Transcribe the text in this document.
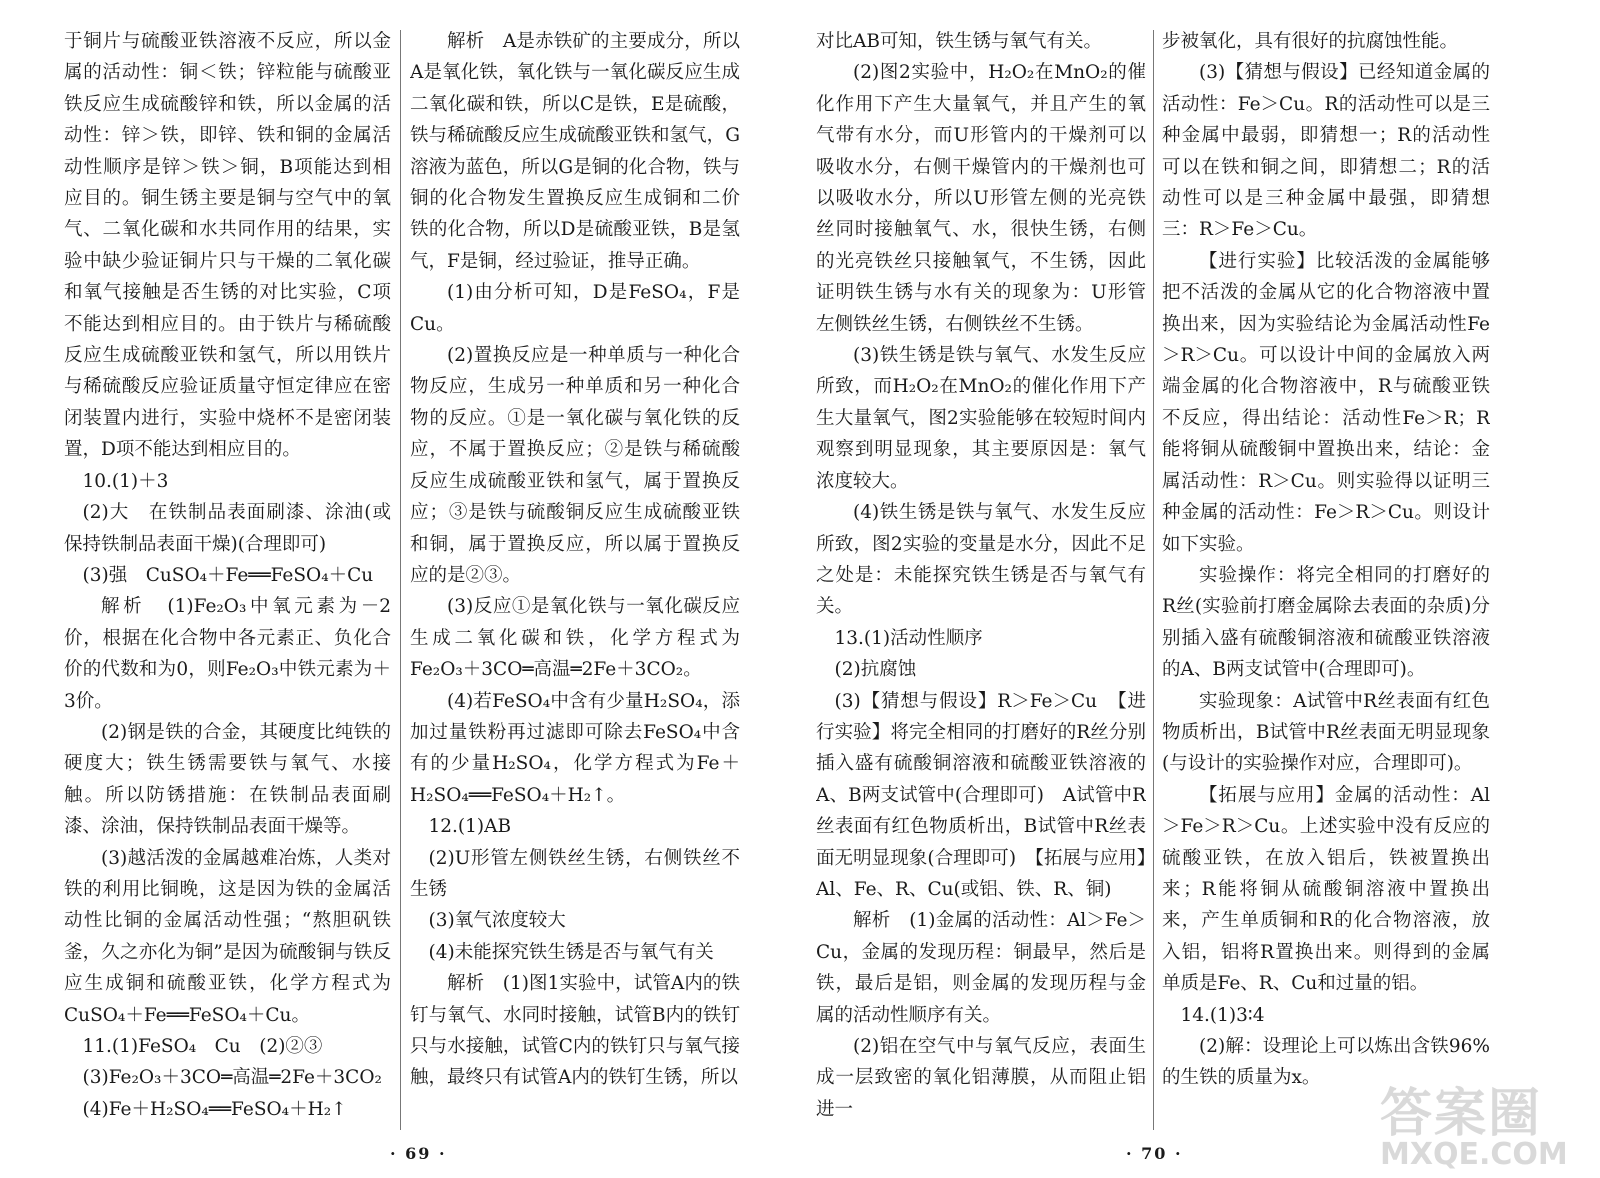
于铜片与硫酸亚铁溶液不反应，所以金属的活动性：铜＜铁；锌粒能与硫酸亚铁反应生成硫酸锌和铁，所以金属的活动性：锌＞铁，即锌、铁和铜的金属活动性顺序是锌＞铁＞铜，B项能达到相应目的。铜生锈主要是铜与空气中的氧气、二氧化碳和水共同作用的结果，实验中缺少验证铜片只与干燥的二氧化碳和氧气接触是否生锈的对比实验，C项不能达到相应目的。由于铁片与稀硫酸反应生成硫酸亚铁和氢气，所以用铁片与稀硫酸反应验证质量守恒定律应在密闭装置内进行，实验中烧杯不是密闭装置，D项不能达到相应目的。

10.(1)＋3

(2)大　在铁制品表面刷漆、涂油(或保持铁制品表面干燥)(合理即可)

(3)强　CuSO₄＋Fe══FeSO₄＋Cu

解析　(1)Fe₂O₃中氧元素为－2价，根据在化合物中各元素正、负化合价的代数和为0，则Fe₂O₃中铁元素为＋3价。

(2)钢是铁的合金，其硬度比纯铁的硬度大；铁生锈需要铁与氧气、水接触。所以防锈措施：在铁制品表面刷漆、涂油，保持铁制品表面干燥等。

(3)越活泼的金属越难冶炼，人类对铁的利用比铜晚，这是因为铁的金属活动性比铜的金属活动性强；“熬胆矾铁釜，久之亦化为铜”是因为硫酸铜与铁反应生成铜和硫酸亚铁，化学方程式为CuSO₄＋Fe══FeSO₄＋Cu。

11.(1)FeSO₄　Cu　(2)②③

(3)Fe₂O₃＋3CO═高温═2Fe＋3CO₂

(4)Fe＋H₂SO₄══FeSO₄＋H₂↑

解析　A是赤铁矿的主要成分，所以A是氧化铁，氧化铁与一氧化碳反应生成二氧化碳和铁，所以C是铁，E是硫酸，铁与稀硫酸反应生成硫酸亚铁和氢气，G溶液为蓝色，所以G是铜的化合物，铁与铜的化合物发生置换反应生成铜和二价铁的化合物，所以D是硫酸亚铁，B是氢气，F是铜，经过验证，推导正确。

(1)由分析可知，D是FeSO₄，F是Cu。

(2)置换反应是一种单质与一种化合物反应，生成另一种单质和另一种化合物的反应。①是一氧化碳与氧化铁的反应，不属于置换反应；②是铁与稀硫酸反应生成硫酸亚铁和氢气，属于置换反应；③是铁与硫酸铜反应生成硫酸亚铁和铜，属于置换反应，所以属于置换反应的是②③。

(3)反应①是氧化铁与一氧化碳反应生成二氧化碳和铁，化学方程式为Fe₂O₃＋3CO═高温═2Fe＋3CO₂。

(4)若FeSO₄中含有少量H₂SO₄，添加过量铁粉再过滤即可除去FeSO₄中含有的少量H₂SO₄，化学方程式为Fe＋H₂SO₄══FeSO₄＋H₂↑。

12.(1)AB

(2)U形管左侧铁丝生锈，右侧铁丝不生锈

(3)氧气浓度较大

(4)未能探究铁生锈是否与氧气有关

解析　(1)图1实验中，试管A内的铁钉与氧气、水同时接触，试管B内的铁钉只与水接触，试管C内的铁钉只与氧气接触，最终只有试管A内的铁钉生锈，所以

· 69 ·

对比AB可知，铁生锈与氧气有关。

(2)图2实验中，H₂O₂在MnO₂的催化作用下产生大量氧气，并且产生的氧气带有水分，而U形管内的干燥剂可以吸收水分，右侧干燥管内的干燥剂也可以吸收水分，所以U形管左侧的光亮铁丝同时接触氧气、水，很快生锈，右侧的光亮铁丝只接触氧气，不生锈，因此证明铁生锈与水有关的现象为：U形管左侧铁丝生锈，右侧铁丝不生锈。

(3)铁生锈是铁与氧气、水发生反应所致，而H₂O₂在MnO₂的催化作用下产生大量氧气，图2实验能够在较短时间内观察到明显现象，其主要原因是：氧气浓度较大。

(4)铁生锈是铁与氧气、水发生反应所致，图2实验的变量是水分，因此不足之处是：未能探究铁生锈是否与氧气有关。

13.(1)活动性顺序

(2)抗腐蚀

(3)【猜想与假设】R＞Fe＞Cu　【进行实验】将完全相同的打磨好的R丝分别插入盛有硫酸铜溶液和硫酸亚铁溶液的A、B两支试管中(合理即可)　A试管中R丝表面有红色物质析出，B试管中R丝表面无明显现象(合理即可)　【拓展与应用】Al、Fe、R、Cu(或铝、铁、R、铜)

解析　(1)金属的活动性：Al＞Fe＞Cu，金属的发现历程：铜最早，然后是铁，最后是铝，则金属的发现历程与金属的活动性顺序有关。

(2)铝在空气中与氧气反应，表面生成一层致密的氧化铝薄膜，从而阻止铝进一

步被氧化，具有很好的抗腐蚀性能。

(3)【猜想与假设】已经知道金属的活动性：Fe＞Cu。R的活动性可以是三种金属中最弱，即猜想一；R的活动性可以在铁和铜之间，即猜想二；R的活动性可以是三种金属中最强，即猜想三：R＞Fe＞Cu。

【进行实验】比较活泼的金属能够把不活泼的金属从它的化合物溶液中置换出来，因为实验结论为金属活动性Fe＞R＞Cu。可以设计中间的金属放入两端金属的化合物溶液中，R与硫酸亚铁不反应，得出结论：活动性Fe＞R；R能将铜从硫酸铜中置换出来，结论：金属活动性：R＞Cu。则实验得以证明三种金属的活动性：Fe＞R＞Cu。则设计如下实验。

实验操作：将完全相同的打磨好的R丝(实验前打磨金属除去表面的杂质)分别插入盛有硫酸铜溶液和硫酸亚铁溶液的A、B两支试管中(合理即可)。

实验现象：A试管中R丝表面有红色物质析出，B试管中R丝表面无明显现象(与设计的实验操作对应，合理即可)。

【拓展与应用】金属的活动性：Al＞Fe＞R＞Cu。上述实验中没有反应的硫酸亚铁，在放入铝后，铁被置换出来；R能将铜从硫酸铜溶液中置换出来，产生单质铜和R的化合物溶液，放入铝，铝将R置换出来。则得到的金属单质是Fe、R、Cu和过量的铝。

14.(1)3∶4

(2)解：设理论上可以炼出含铁96%的生铁的质量为x。

· 70 ·
答案圈
MXQE.COM
